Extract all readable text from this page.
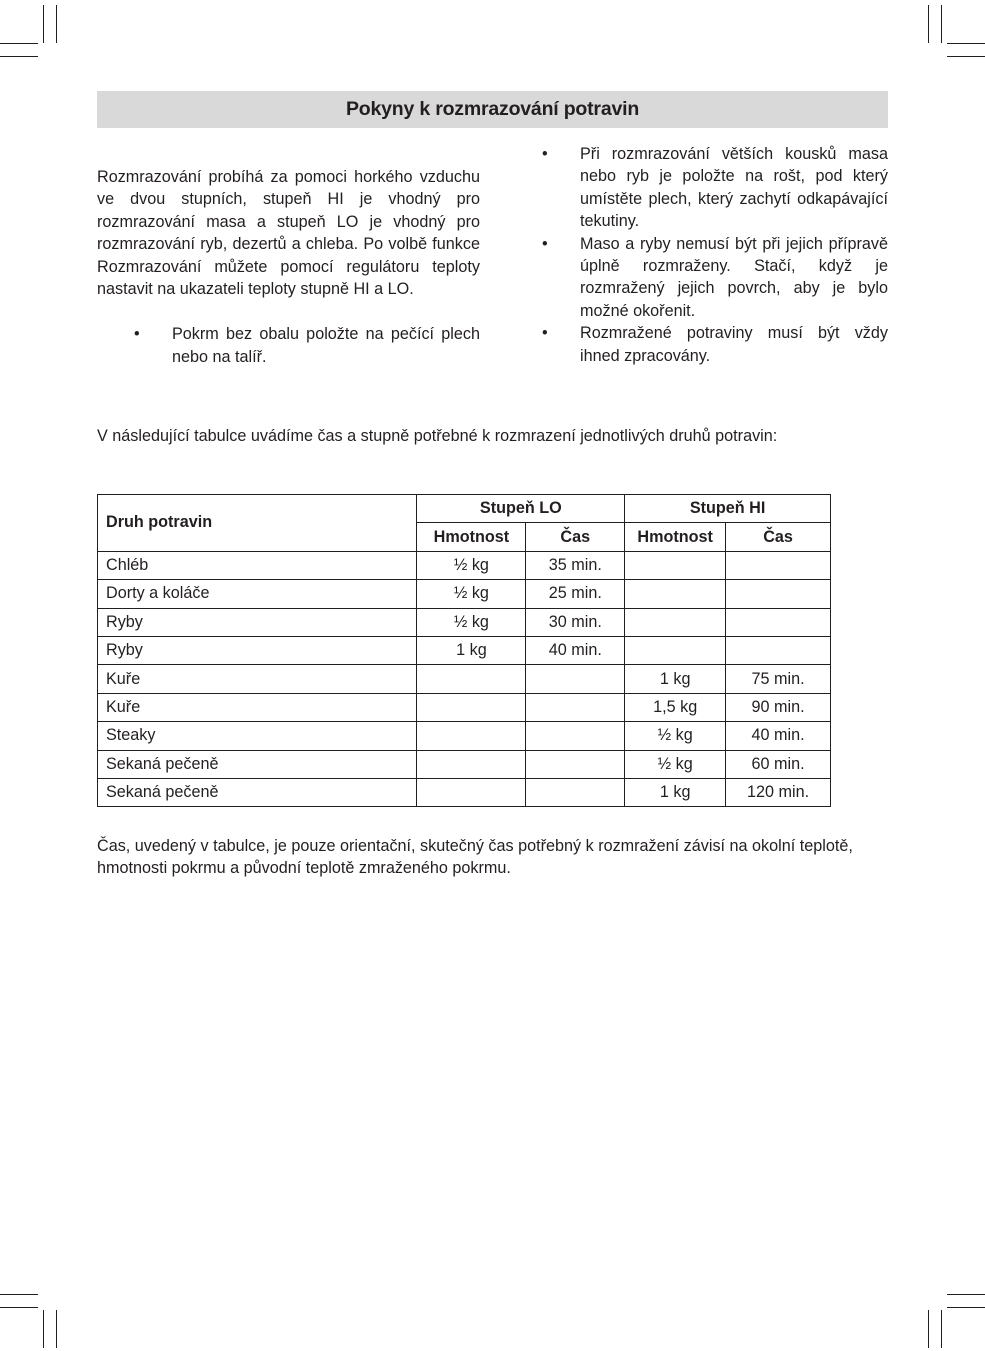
Pokyny k rozmrazování potravin
Rozmrazování probíhá za pomoci horkého vzduchu ve dvou stupních, stupeň HI je vhodný pro rozmrazování masa a stupeň LO je vhodný pro rozmrazování ryb, dezertů a chleba. Po volbě funkce Rozmrazování můžete pomocí regulátoru teploty nastavit na ukazateli teploty stupně HI a LO.
• Pokrm bez obalu položte na pečící plech nebo na talíř.
• Při rozmrazování větších kousků masa nebo ryb je položte na rošt, pod který umístěte plech, který zachytí odkapávající tekutiny.
• Maso a ryby nemusí být při jejich přípravě úplně rozmraženy. Stačí, když je rozmražený jejich povrch, aby je bylo možné okořenit.
• Rozmražené potraviny musí být vždy ihned zpracovány.
V následující tabulce uvádíme čas a stupně potřebné k rozmrazení jednotlivých druhů potravin:
Druh potravin	Stupeň LO		Stupeň HI	
	Hmotnost	Čas	Hmotnost	Čas
Chléb	½ kg	35 min.		
Dorty a koláče	½ kg	25 min.		
Ryby	½ kg	30 min.		
Ryby	1 kg	40 min.		
Kuře			1 kg	75 min.
Kuře			1,5 kg	90 min.
Steaky			½ kg	40 min.
Sekaná pečeně			½ kg	60 min.
Sekaná pečeně			1 kg	120 min.
Čas, uvedený v tabulce, je pouze orientační, skutečný čas potřebný k rozmražení závisí na okolní teplotě, hmotnosti pokrmu a původní teplotě zmraženého pokrmu.
